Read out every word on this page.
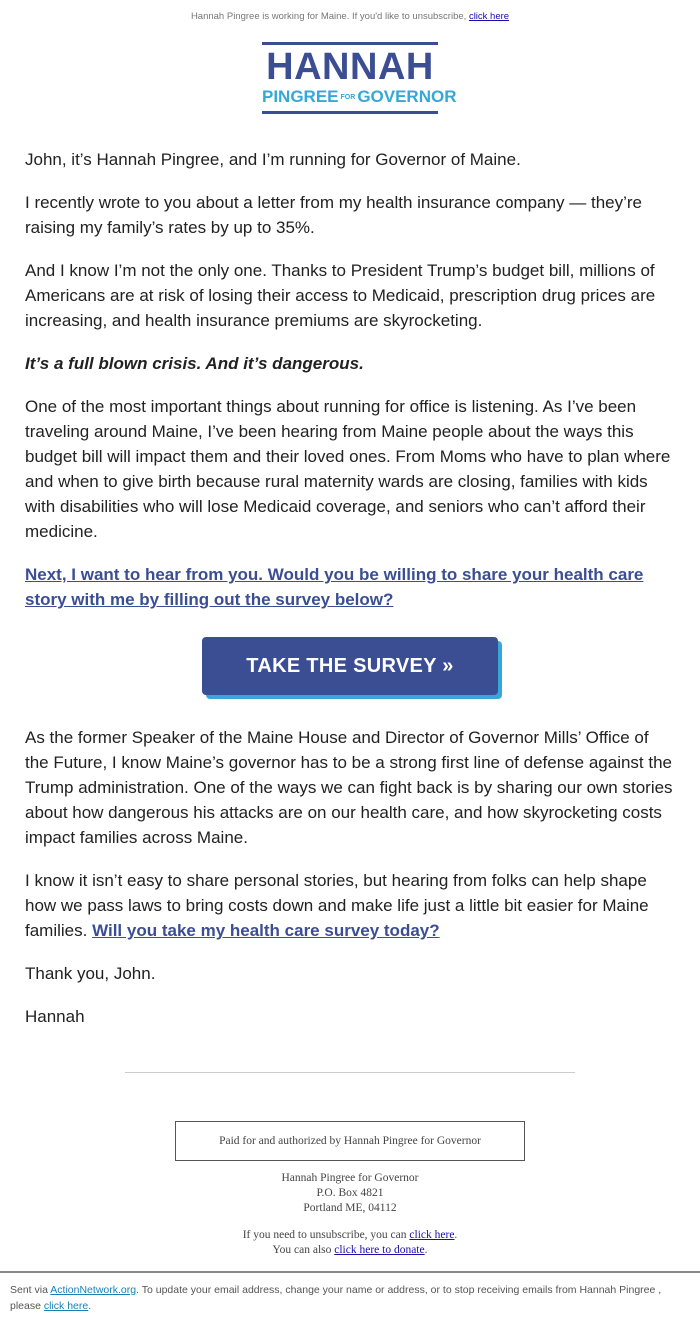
Hannah Pingree is working for Maine. If you'd like to unsubscribe, click here
HANNAH
PINGREE FOR GOVERNOR

John, it’s Hannah Pingree, and I’m running for Governor of Maine.

I recently wrote to you about a letter from my health insurance company — they’re raising my family’s rates by up to 35%.

And I know I’m not the only one. Thanks to President Trump’s budget bill, millions of Americans are at risk of losing their access to Medicaid, prescription drug prices are increasing, and health insurance premiums are skyrocketing.

It’s a full blown crisis. And it’s dangerous.

One of the most important things about running for office is listening. As I’ve been traveling around Maine, I’ve been hearing from Maine people about the ways this budget bill will impact them and their loved ones. From Moms who have to plan where and when to give birth because rural maternity wards are closing, families with kids with disabilities who will lose Medicaid coverage, and seniors who can’t afford their medicine.

Next, I want to hear from you. Would you be willing to share your health care story with me by filling out the survey below?

TAKE THE SURVEY »

As the former Speaker of the Maine House and Director of Governor Mills’ Office of the Future, I know Maine’s governor has to be a strong first line of defense against the Trump administration. One of the ways we can fight back is by sharing our own stories about how dangerous his attacks are on our health care, and how skyrocketing costs impact families across Maine.

I know it isn’t easy to share personal stories, but hearing from folks can help shape how we pass laws to bring costs down and make life just a little bit easier for Maine families. Will you take my health care survey today?

Thank you, John.

Hannah

Paid for and authorized by Hannah Pingree for Governor
Hannah Pingree for Governor
P.O. Box 4821
Portland ME, 04112
If you need to unsubscribe, you can click here.
You can also click here to donate.
Sent via ActionNetwork.org. To update your email address, change your name or address, or to stop receiving emails from Hannah Pingree , please click here.
